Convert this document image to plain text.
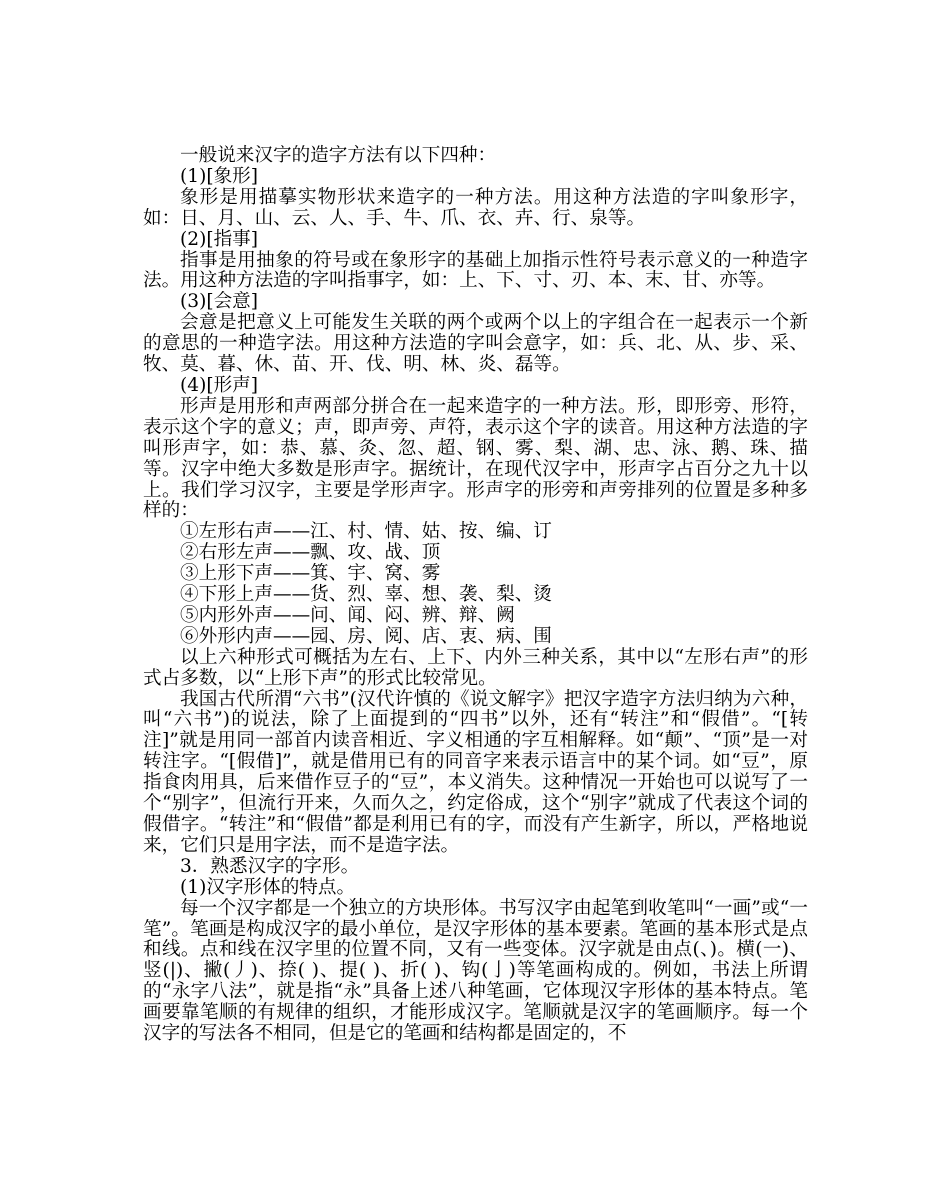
一般说来汉字的造字方法有以下四种：

(1)[象形]

象形是用描摹实物形状来造字的一种方法。用这种方法造的字叫象形字，如：日、月、山、云、人、手、牛、爪、衣、卉、行、泉等。

(2)[指事]

指事是用抽象的符号或在象形字的基础上加指示性符号表示意义的一种造字法。用这种方法造的字叫指事字，如：上、下、寸、刃、本、末、甘、亦等。

(3)[会意]

会意是把意义上可能发生关联的两个或两个以上的字组合在一起表示一个新的意思的一种造字法。用这种方法造的字叫会意字，如：兵、北、从、步、采、牧、莫、暮、休、苗、开、伐、明、林、炎、磊等。

(4)[形声]

形声是用形和声两部分拼合在一起来造字的一种方法。形，即形旁、形符，表示这个字的意义；声，即声旁、声符，表示这个字的读音。用这种方法造的字叫形声字，如：恭、慕、灸、忽、超、钢、雾、梨、湖、忠、泳、鹅、珠、描等。汉字中绝大多数是形声字。据统计，在现代汉字中，形声字占百分之九十以上。我们学习汉字，主要是学形声字。形声字的形旁和声旁排列的位置是多种多样的：

①左形右声——江、村、情、姑、按、编、订

②右形左声——飘、攻、战、顶

③上形下声——箕、宇、窝、雾

④下形上声——货、烈、辜、想、袭、梨、烫

⑤内形外声——问、闻、闷、辨、辩、阙

⑥外形内声——园、房、阅、店、衷、病、围

以上六种形式可概括为左右、上下、内外三种关系，其中以“左形右声”的形式占多数，以“上形下声”的形式比较常见。

我国古代所渭“六书”(汉代许慎的《说文解字》把汉字造字方法归纳为六种，叫“六书”)的说法，除了上面提到的“四书”以外，还有“转注”和“假借”。“[转注]”就是用同一部首内读音相近、字义相通的字互相解释。如“颠”、“顶”是一对转注字。“[假借]”，就是借用已有的同音字来表示语言中的某个词。如“豆”，原指食肉用具，后来借作豆子的“豆”，本义消失。这种情况一开始也可以说写了一个“别字”，但流行开来，久而久之，约定俗成，这个“别字”就成了代表这个词的假借字。“转注”和“假借”都是利用已有的字，而没有产生新字，所以，严格地说来，它们只是用字法，而不是造字法。

3．熟悉汉字的字形。

(1)汉字形体的特点。

每一个汉字都是一个独立的方块形体。书写汉字由起笔到收笔叫“一画”或“一笔”。笔画是构成汉字的最小单位，是汉字形体的基本要素。笔画的基本形式是点和线。点和线在汉字里的位置不同，又有一些变体。汉字就是由点(、)。横(一)、竖(|)、撇(丿)、捺( )、提( )、折( )、钩(亅)等笔画构成的。例如，书法上所谓的“永字八法”，就是指“永”具备上述八种笔画，它体现汉字形体的基本特点。笔画要靠笔顺的有规律的组织，才能形成汉字。笔顺就是汉字的笔画顺序。每一个汉字的写法各不相同，但是它的笔画和结构都是固定的，不
